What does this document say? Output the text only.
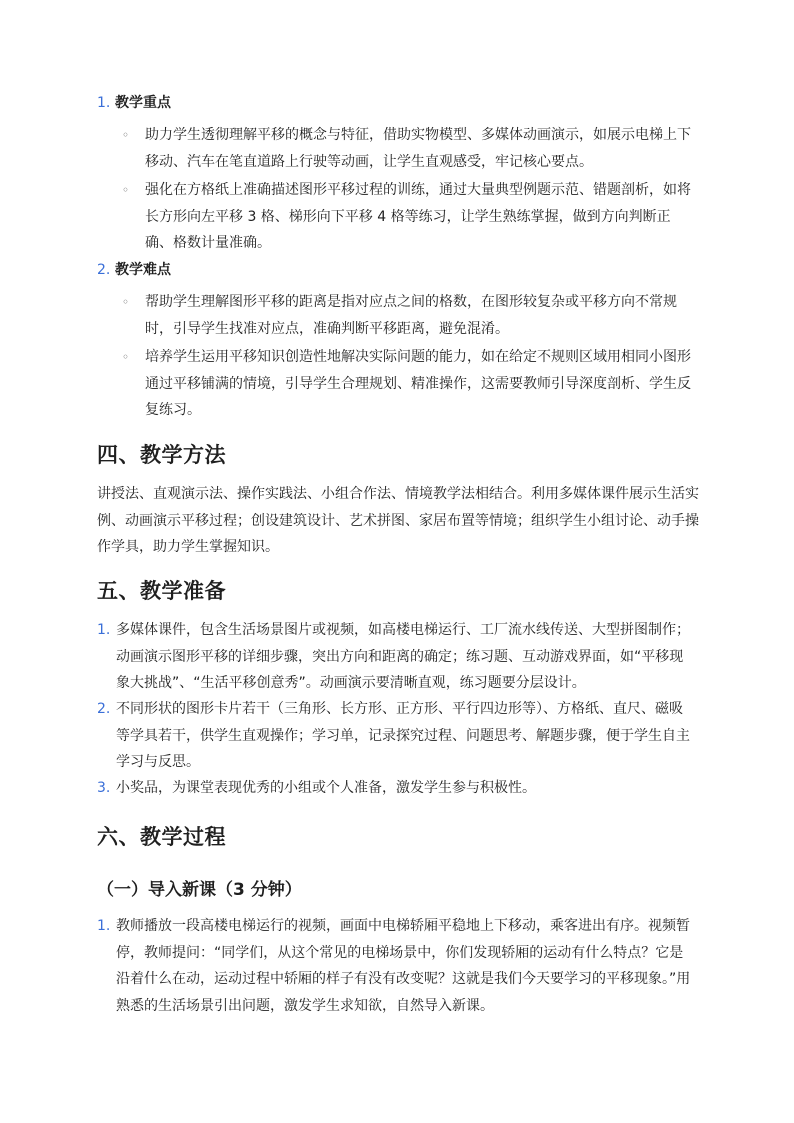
1. 教学重点
◦ 助力学生透彻理解平移的概念与特征，借助实物模型、多媒体动画演示，如展示电梯上下移动、汽车在笔直道路上行驶等动画，让学生直观感受，牢记核心要点。
◦ 强化在方格纸上准确描述图形平移过程的训练，通过大量典型例题示范、错题剖析，如将长方形向左平移 3 格、梯形向下平移 4 格等练习，让学生熟练掌握，做到方向判断正确、格数计量准确。
2. 教学难点
◦ 帮助学生理解图形平移的距离是指对应点之间的格数，在图形较复杂或平移方向不常规时，引导学生找准对应点，准确判断平移距离，避免混淆。
◦ 培养学生运用平移知识创造性地解决实际问题的能力，如在给定不规则区域用相同小图形通过平移铺满的情境，引导学生合理规划、精准操作，这需要教师引导深度剖析、学生反复练习。
四、教学方法
讲授法、直观演示法、操作实践法、小组合作法、情境教学法相结合。利用多媒体课件展示生活实例、动画演示平移过程；创设建筑设计、艺术拼图、家居布置等情境；组织学生小组讨论、动手操作学具，助力学生掌握知识。
五、教学准备
1. 多媒体课件，包含生活场景图片或视频，如高楼电梯运行、工厂流水线传送、大型拼图制作；动画演示图形平移的详细步骤，突出方向和距离的确定；练习题、互动游戏界面，如“平移现象大挑战”、“生活平移创意秀”。动画演示要清晰直观，练习题要分层设计。
2. 不同形状的图形卡片若干（三角形、长方形、正方形、平行四边形等）、方格纸、直尺、磁吸等学具若干，供学生直观操作；学习单，记录探究过程、问题思考、解题步骤，便于学生自主学习与反思。
3. 小奖品，为课堂表现优秀的小组或个人准备，激发学生参与积极性。
六、教学过程
（一）导入新课（3 分钟）
1. 教师播放一段高楼电梯运行的视频，画面中电梯轿厢平稳地上下移动，乘客进出有序。视频暂停，教师提问：“同学们，从这个常见的电梯场景中，你们发现轿厢的运动有什么特点？它是沿着什么在动，运动过程中轿厢的样子有没有改变呢？这就是我们今天要学习的平移现象。”用熟悉的生活场景引出问题，激发学生求知欲，自然导入新课。
